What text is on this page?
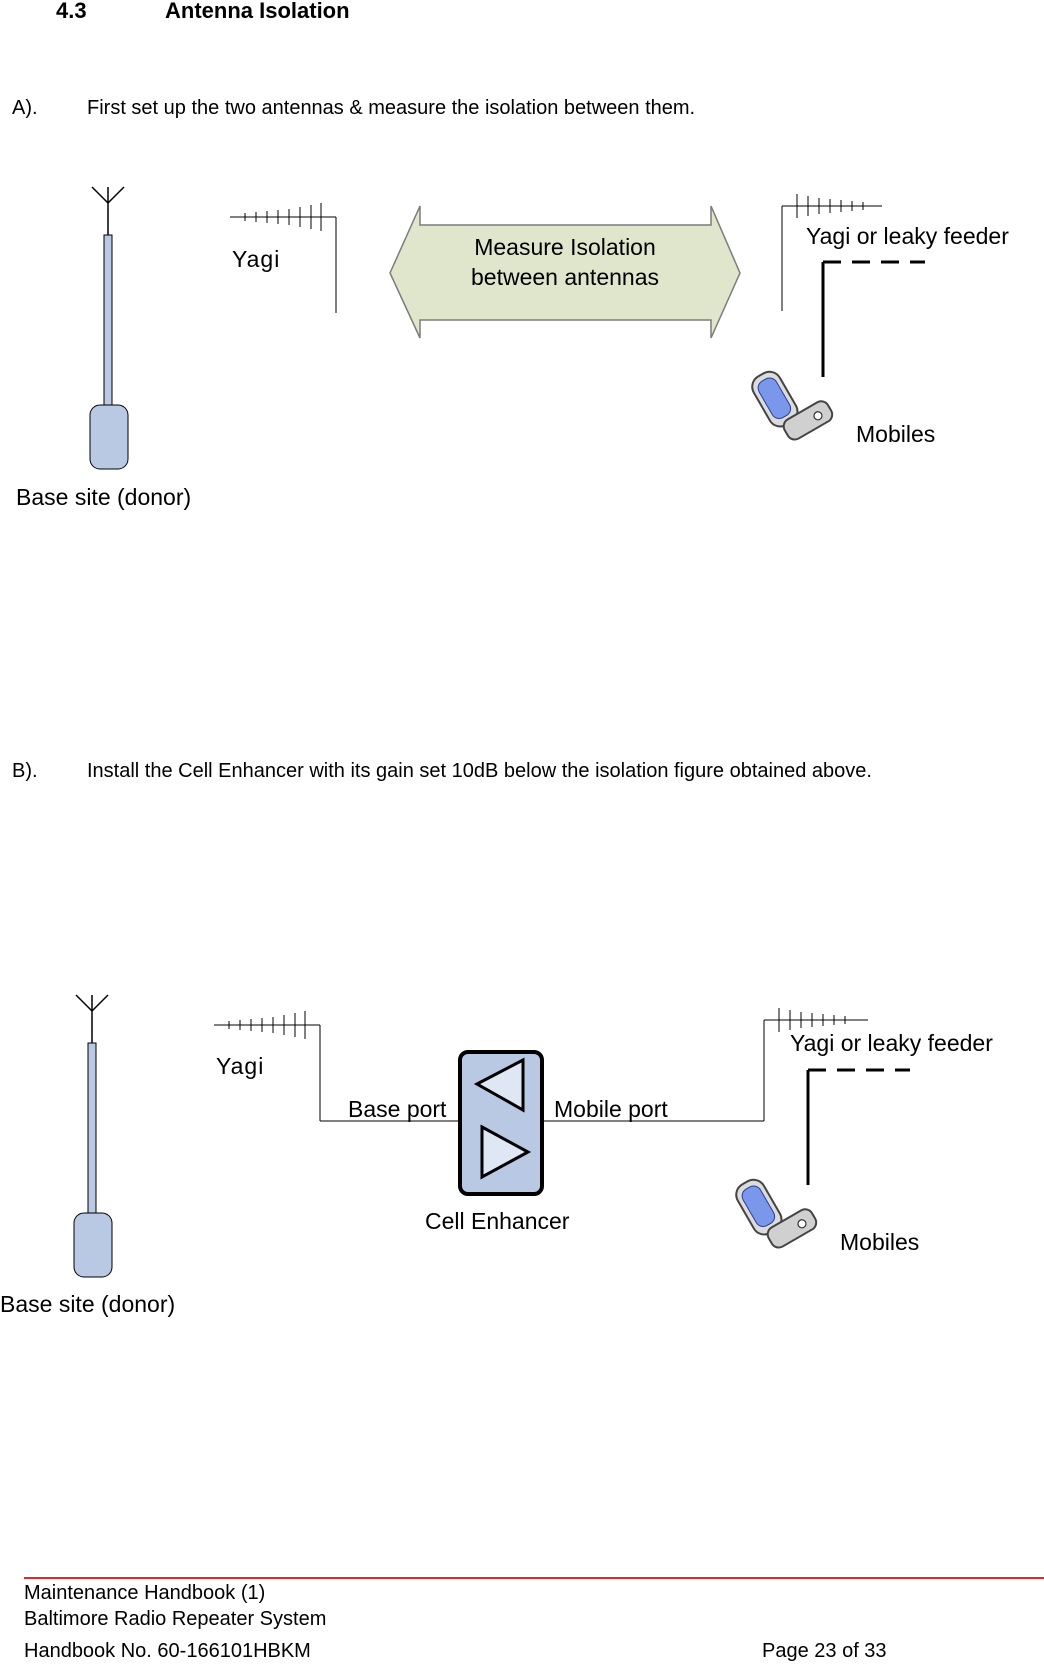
4.3	Antenna Isolation
A). First set up the two antennas & measure the isolation between them.
Yagi	Measure Isolation
between antennas
Yagi or leaky feeder
Mobiles
Base site (donor)
B). Install the Cell Enhancer with its gain set 10dB below the isolation figure obtained above.
Yagi
Base port	Mobile port
Cell Enhancer
Yagi or leaky feeder
Mobiles
Base site (donor)
Maintenance Handbook (1)
Baltimore Radio Repeater System
Handbook No. 60-166101HBKM	Page 23 of 33
